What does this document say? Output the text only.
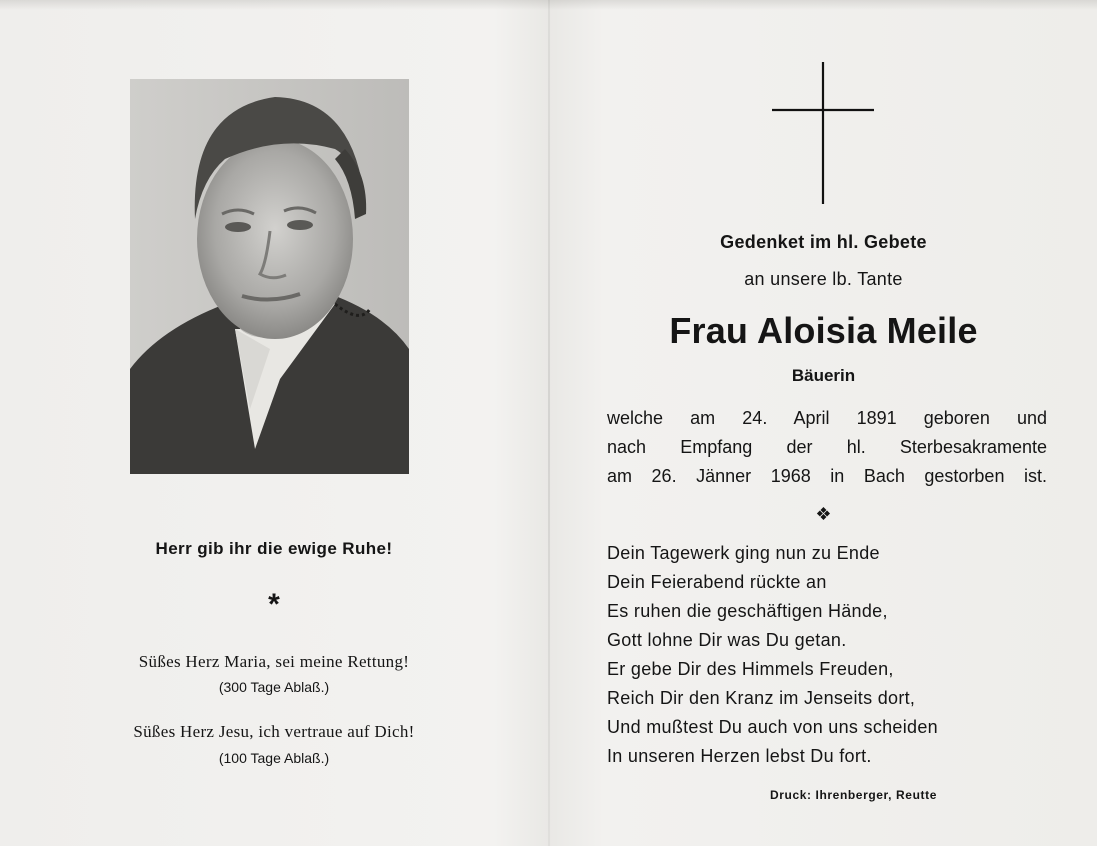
Herr gib ihr die ewige Ruhe!
*
Süßes Herz Maria, sei meine Rettung!
(300 Tage Ablaß.)
Süßes Herz Jesu, ich vertraue auf Dich!
(100 Tage Ablaß.)
Gedenket im hl. Gebete
an unsere lb. Tante
Frau Aloisia Meile
Bäuerin
welche am 24. April 1891 geboren und
nach Empfang der hl. Sterbesakramente
am 26. Jänner 1968 in Bach gestorben ist.
❖
Dein Tagewerk ging nun zu Ende
Dein Feierabend rückte an
Es ruhen die geschäftigen Hände,
Gott lohne Dir was Du getan.
Er gebe Dir des Himmels Freuden,
Reich Dir den Kranz im Jenseits dort,
Und mußtest Du auch von uns scheiden
In unseren Herzen lebst Du fort.
Druck: Ihrenberger, Reutte
